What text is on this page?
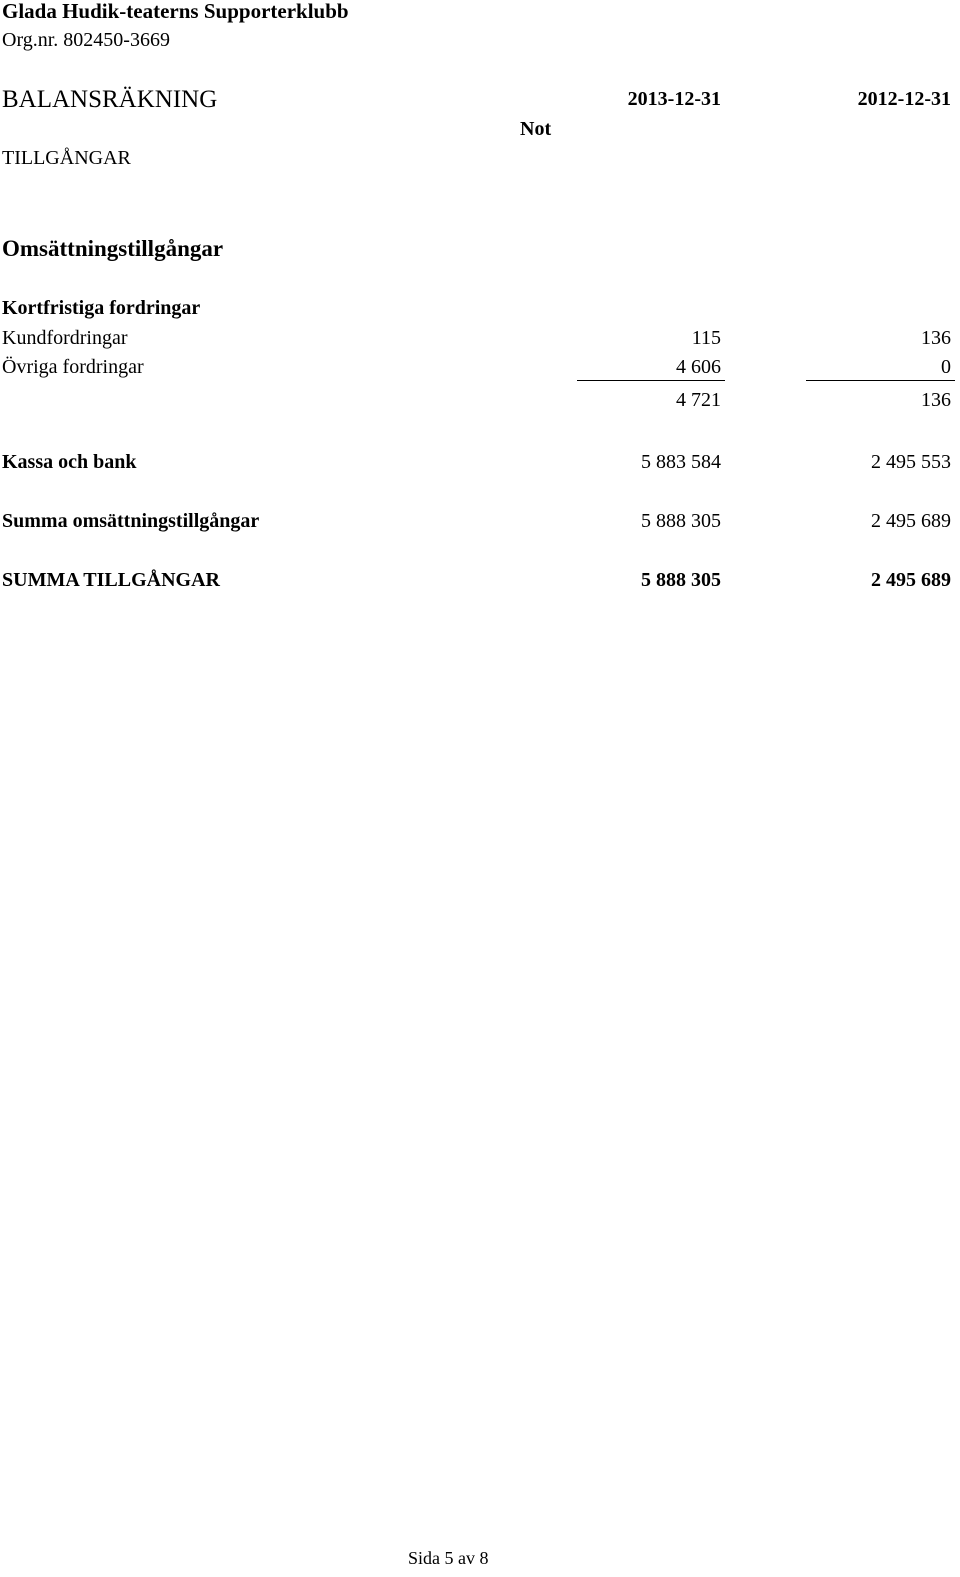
Glada Hudik-teaterns Supporterklubb
Org.nr. 802450-3669
BALANSRÄKNING	2013-12-31	2012-12-31
Not
TILLGÅNGAR
Omsättningstillgångar
Kortfristiga fordringar
Kundfordringar	115	136
Övriga fordringar	4 606	0
4 721	136
Kassa och bank	5 883 584	2 495 553
Summa omsättningstillgångar	5 888 305	2 495 689
SUMMA TILLGÅNGAR	5 888 305	2 495 689
Sida 5 av 8
